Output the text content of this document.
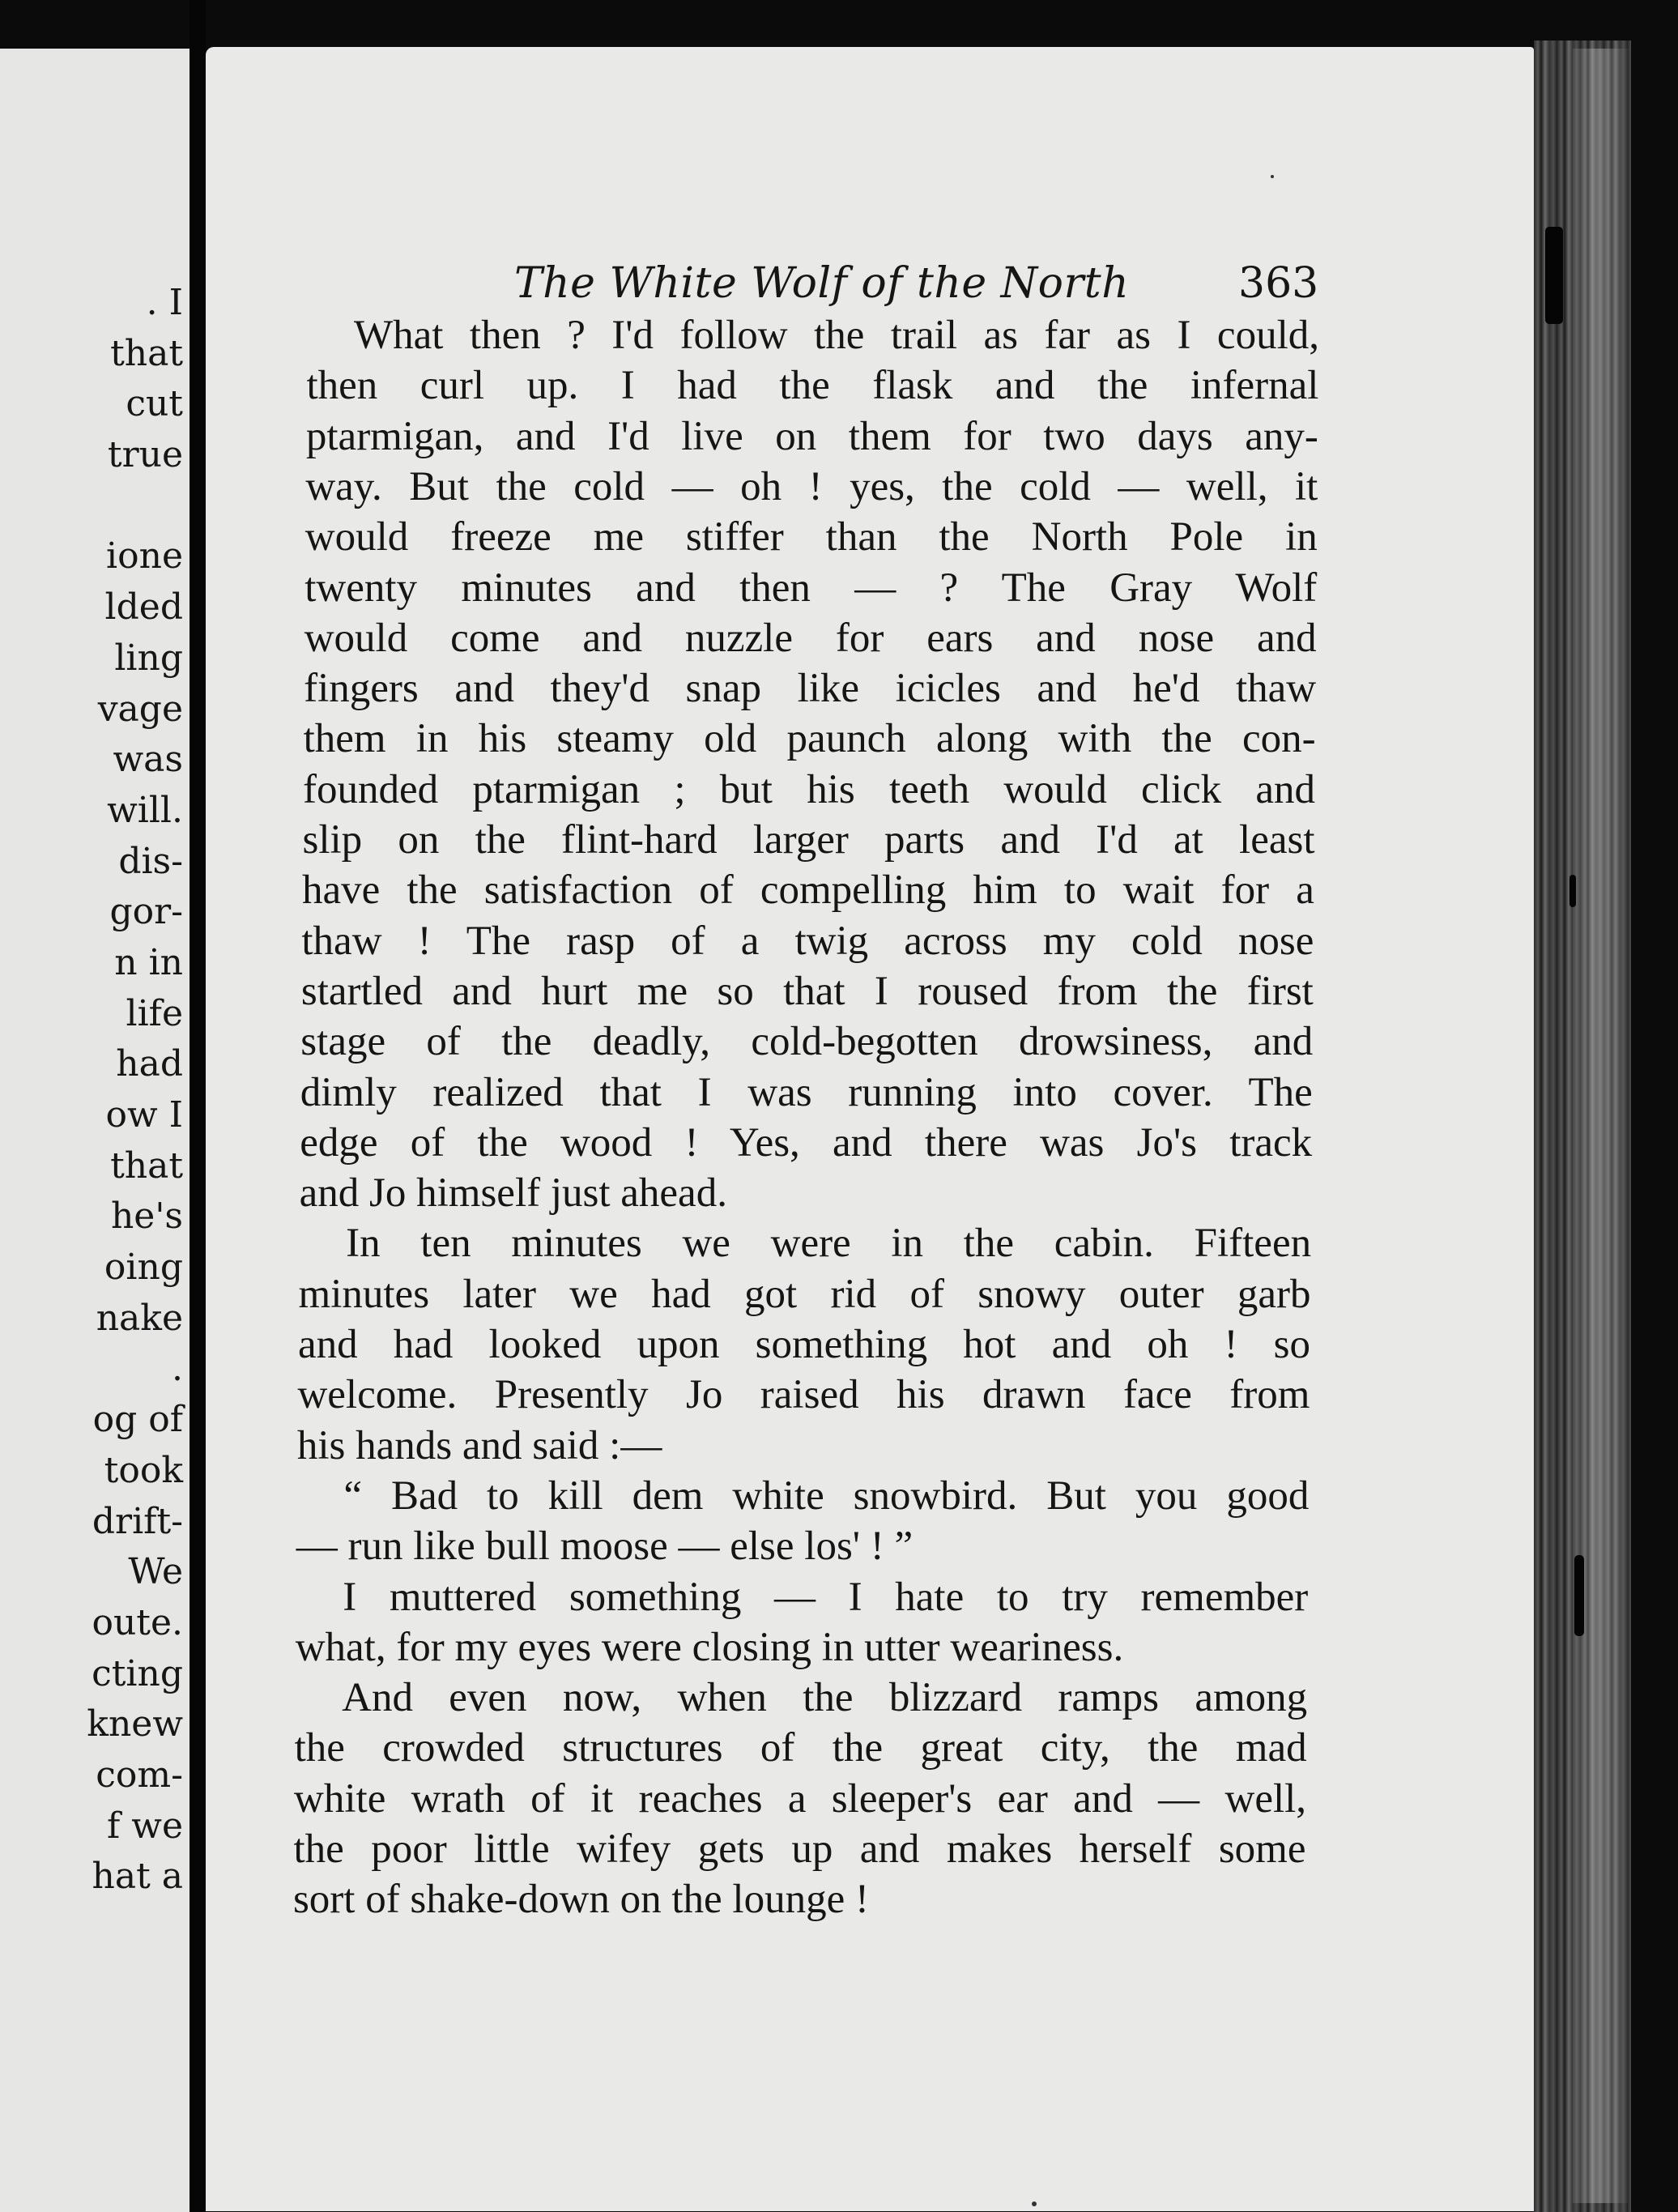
. I
that
cut
true
ione
lded
ling
vage
was
will.
dis-
gor-
n in
life
had
ow I
that
he's
oing
nake
.
og of
took
drift-
We
oute.
cting
knew
com-
f we
hat a
The White Wolf of the North	363
What then ? I'd follow the trail as far as I could,
then curl up. I had the flask and the infernal
ptarmigan, and I'd live on them for two days any-
way. But the cold — oh ! yes, the cold — well, it
would freeze me stiffer than the North Pole in
twenty minutes and then — ? The Gray Wolf
would come and nuzzle for ears and nose and
fingers and they'd snap like icicles and he'd thaw
them in his steamy old paunch along with the con-
founded ptarmigan ; but his teeth would click and
slip on the flint-hard larger parts and I'd at least
have the satisfaction of compelling him to wait for a
thaw ! The rasp of a twig across my cold nose
startled and hurt me so that I roused from the first
stage of the deadly, cold-begotten drowsiness, and
dimly realized that I was running into cover. The
edge of the wood ! Yes, and there was Jo's track
and Jo himself just ahead.
In ten minutes we were in the cabin. Fifteen
minutes later we had got rid of snowy outer garb
and had looked upon something hot and oh ! so
welcome. Presently Jo raised his drawn face from
his hands and said :—
“ Bad to kill dem white snowbird. But you good
— run like bull moose — else los' ! ”
I muttered something — I hate to try remember
what, for my eyes were closing in utter weariness.
And even now, when the blizzard ramps among
the crowded structures of the great city, the mad
white wrath of it reaches a sleeper's ear and — well,
the poor little wifey gets up and makes herself some
sort of shake-down on the lounge !
